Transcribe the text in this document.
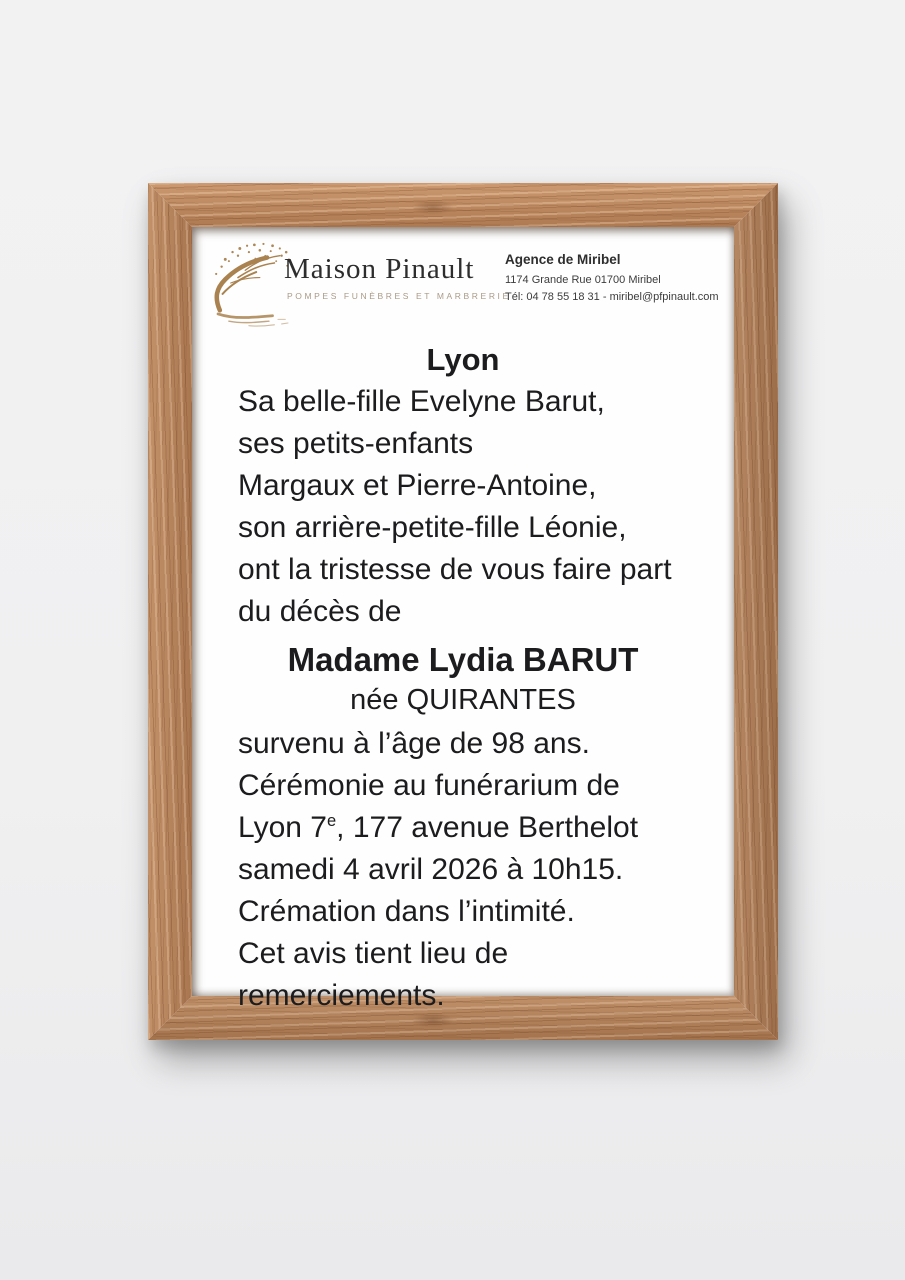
Maison Pinault
POMPES FUNÈBRES ET MARBRERIE
Agence de Miribel
1174 Grande Rue 01700 Miribel
Tél: 04 78 55 18 31 - miribel@pfpinault.com
Lyon
Sa belle-fille Evelyne Barut,
ses petits-enfants
Margaux et Pierre-Antoine,
son arrière-petite-fille Léonie,
ont la tristesse de vous faire part
du décès de
Madame Lydia BARUT
née QUIRANTES
survenu à l’âge de 98 ans.
Cérémonie au funérarium de
Lyon 7e, 177 avenue Berthelot
samedi 4 avril 2026 à 10h15.
Crémation dans l’intimité.
Cet avis tient lieu de
remerciements.
